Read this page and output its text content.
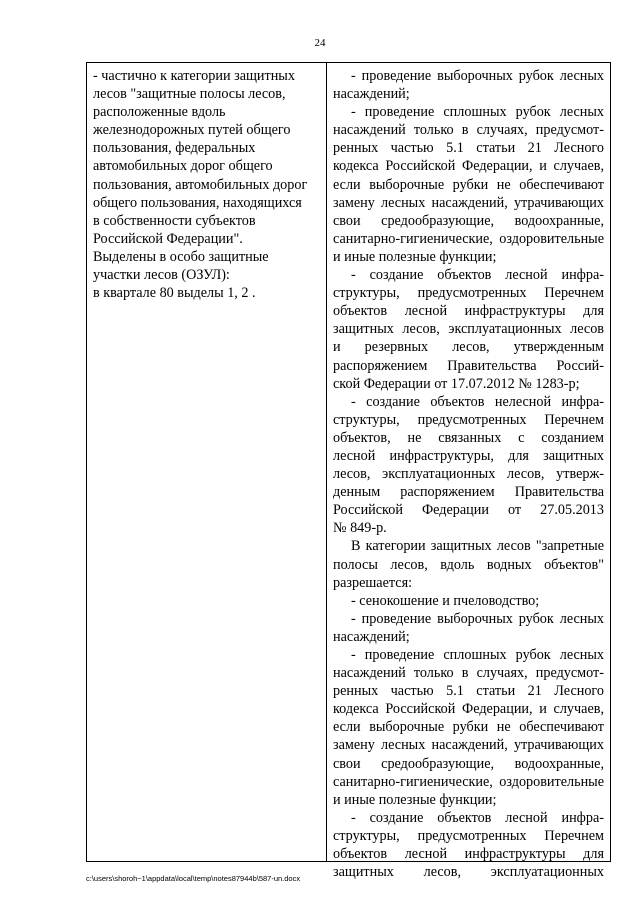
24
- частично к категории защитных
лесов "защитные полосы лесов,
расположенные вдоль
железнодорожных путей общего
пользования, федеральных
автомобильных дорог общего
пользования, автомобильных дорог
общего пользования, находящихся
в собственности субъектов
Российской Федерации".
Выделены в особо защитные
участки лесов (ОЗУЛ):
в квартале 80 выделы 1, 2 .
- проведение выборочных рубок лесных
насаждений;
- проведение сплошных рубок лесных
насаждений только в случаях, предусмот-
ренных частью 5.1 статьи 21 Лесного
кодекса Российской Федерации, и случаев,
если выборочные рубки не обеспечивают
замену лесных насаждений, утрачивающих
свои средообразующие, водоохранные,
санитарно-гигиенические, оздоровительные
и иные полезные функции;
- создание объектов лесной инфра-
структуры, предусмотренных Перечнем
объектов лесной инфраструктуры для
защитных лесов, эксплуатационных лесов
и резервных лесов, утвержденным
распоряжением Правительства Россий-
ской Федерации от 17.07.2012 № 1283-р;
- создание объектов нелесной инфра-
структуры, предусмотренных Перечнем
объектов, не связанных с созданием
лесной инфраструктуры, для защитных
лесов, эксплуатационных лесов, утверж-
денным распоряжением Правительства
Российской Федерации от 27.05.2013
№ 849-р.
В категории защитных лесов "запретные
полосы лесов, вдоль водных объектов"
разрешается:
- сенокошение и пчеловодство;
- проведение выборочных рубок лесных
насаждений;
- проведение сплошных рубок лесных
насаждений только в случаях, предусмот-
ренных частью 5.1 статьи 21 Лесного
кодекса Российской Федерации, и случаев,
если выборочные рубки не обеспечивают
замену лесных насаждений, утрачивающих
свои средообразующие, водоохранные,
санитарно-гигиенические, оздоровительные
и иные полезные функции;
- создание объектов лесной инфра-
структуры, предусмотренных Перечнем
объектов лесной инфраструктуры для
защитных лесов, эксплуатационных
c:\users\shoroh~1\appdata\local\temp\notes87944b\587-un.docx
